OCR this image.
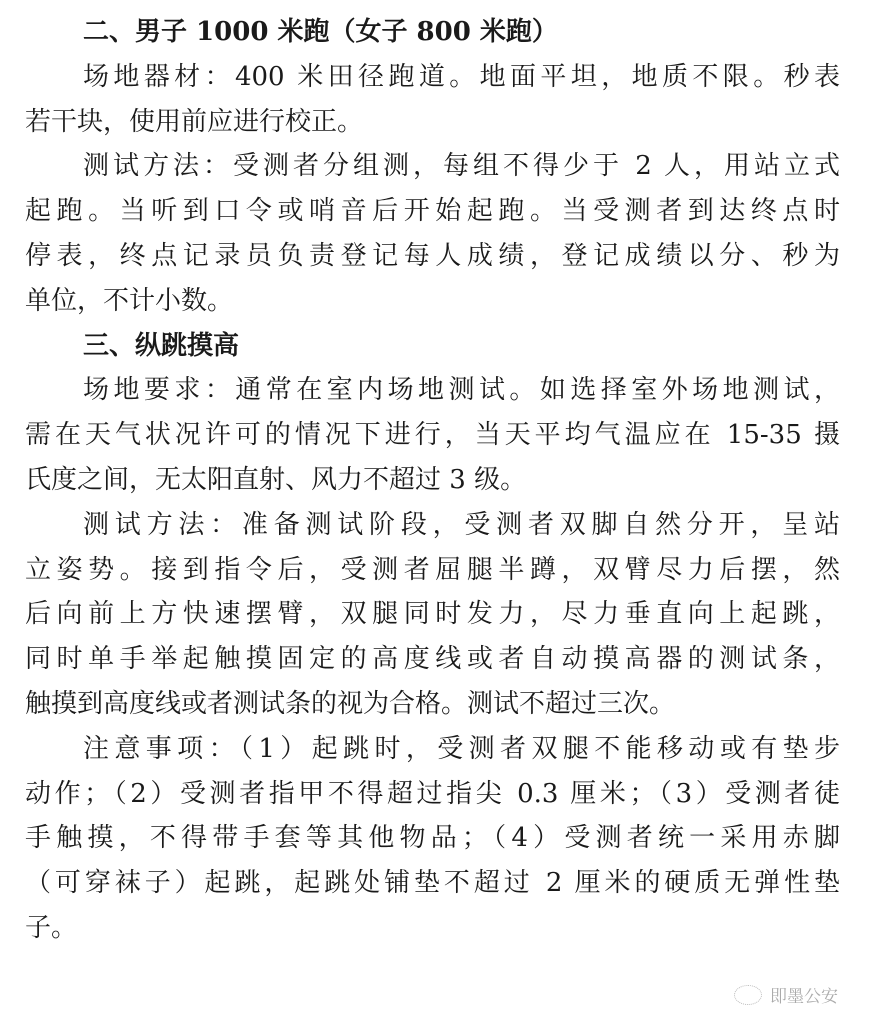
二、男子 1000 米跑（女子 800 米跑）
场地器材：400 米田径跑道。地面平坦，地质不限。秒表
若干块，使用前应进行校正。
测试方法：受测者分组测，每组不得少于 2 人，用站立式
起跑。当听到口令或哨音后开始起跑。当受测者到达终点时
停表，终点记录员负责登记每人成绩，登记成绩以分、秒为
单位，不计小数。
三、纵跳摸高
场地要求：通常在室内场地测试。如选择室外场地测试，
需在天气状况许可的情况下进行，当天平均气温应在 15-35 摄
氏度之间，无太阳直射、风力不超过 3 级。
测试方法：准备测试阶段，受测者双脚自然分开，呈站
立姿势。接到指令后，受测者屈腿半蹲，双臂尽力后摆，然
后向前上方快速摆臂，双腿同时发力，尽力垂直向上起跳，
同时单手举起触摸固定的高度线或者自动摸高器的测试条，
触摸到高度线或者测试条的视为合格。测试不超过三次。
注意事项：（1）起跳时，受测者双腿不能移动或有垫步
动作；（2）受测者指甲不得超过指尖 0.3 厘米；（3）受测者徒
手触摸，不得带手套等其他物品；（4）受测者统一采用赤脚
（可穿袜子）起跳，起跳处铺垫不超过 2 厘米的硬质无弹性垫
子。
即墨公安
